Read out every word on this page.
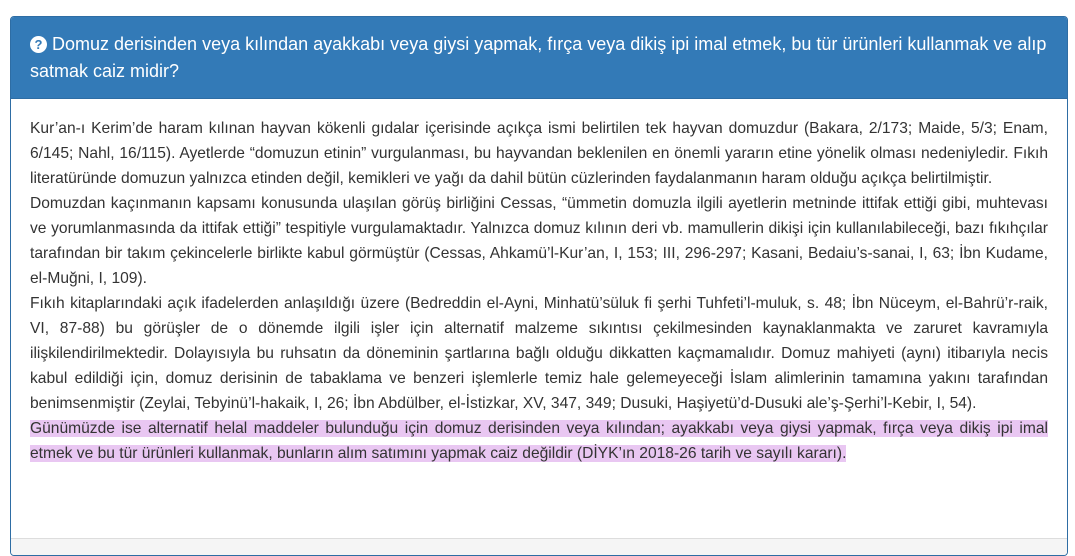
? Domuz derisinden veya kılından ayakkabı veya giysi yapmak, fırça veya dikiş ipi imal etmek, bu tür ürünleri kullanmak ve alıp satmak caiz midir?

Kur’an-ı Kerim’de haram kılınan hayvan kökenli gıdalar içerisinde açıkça ismi belirtilen tek hayvan domuzdur (Bakara, 2/173; Maide, 5/3; Enam, 6/145; Nahl, 16/115). Ayetlerde “domuzun etinin” vurgulanması, bu hayvandan beklenilen en önemli yararın etine yönelik olması nedeniyledir. Fıkıh literatüründe domuzun yalnızca etinden değil, kemikleri ve yağı da dahil bütün cüzlerinden faydalanmanın haram olduğu açıkça belirtilmiştir.

Domuzdan kaçınmanın kapsamı konusunda ulaşılan görüş birliğini Cessas, “ümmetin domuzla ilgili ayetlerin metninde ittifak ettiği gibi, muhtevası ve yorumlanmasında da ittifak ettiği” tespitiyle vurgulamaktadır. Yalnızca domuz kılının deri vb. mamullerin dikişi için kullanılabileceği, bazı fıkıhçılar tarafından bir takım çekincelerle birlikte kabul görmüştür (Cessas, Ahkamü’l-Kur’an, I, 153; III, 296-297; Kasani, Bedaiu’s-sanai, I, 63; İbn Kudame, el-Muğni, I, 109).

Fıkıh kitaplarındaki açık ifadelerden anlaşıldığı üzere (Bedreddin el-Ayni, Minhatü’süluk fi şerhi Tuhfeti’l-muluk, s. 48; İbn Nüceym, el-Bahrü’r-raik, VI, 87-88) bu görüşler de o dönemde ilgili işler için alternatif malzeme sıkıntısı çekilmesinden kaynaklanmakta ve zaruret kavramıyla ilişkilendirilmektedir. Dolayısıyla bu ruhsatın da döneminin şartlarına bağlı olduğu dikkatten kaçmamalıdır. Domuz mahiyeti (aynı) itibarıyla necis kabul edildiği için, domuz derisinin de tabaklama ve benzeri işlemlerle temiz hale gelemeyeceği İslam alimlerinin tamamına yakını tarafından benimsenmiştir (Zeylai, Tebyinü’l-hakaik, I, 26; İbn Abdülber, el-İstizkar, XV, 347, 349; Dusuki, Haşiyetü’d-Dusuki ale’ş-Şerhi’l-Kebir, I, 54).

Günümüzde ise alternatif helal maddeler bulunduğu için domuz derisinden veya kılından; ayakkabı veya giysi yapmak, fırça veya dikiş ipi imal etmek ve bu tür ürünleri kullanmak, bunların alım satımını yapmak caiz değildir (DİYK’ın 2018-26 tarih ve sayılı kararı).
